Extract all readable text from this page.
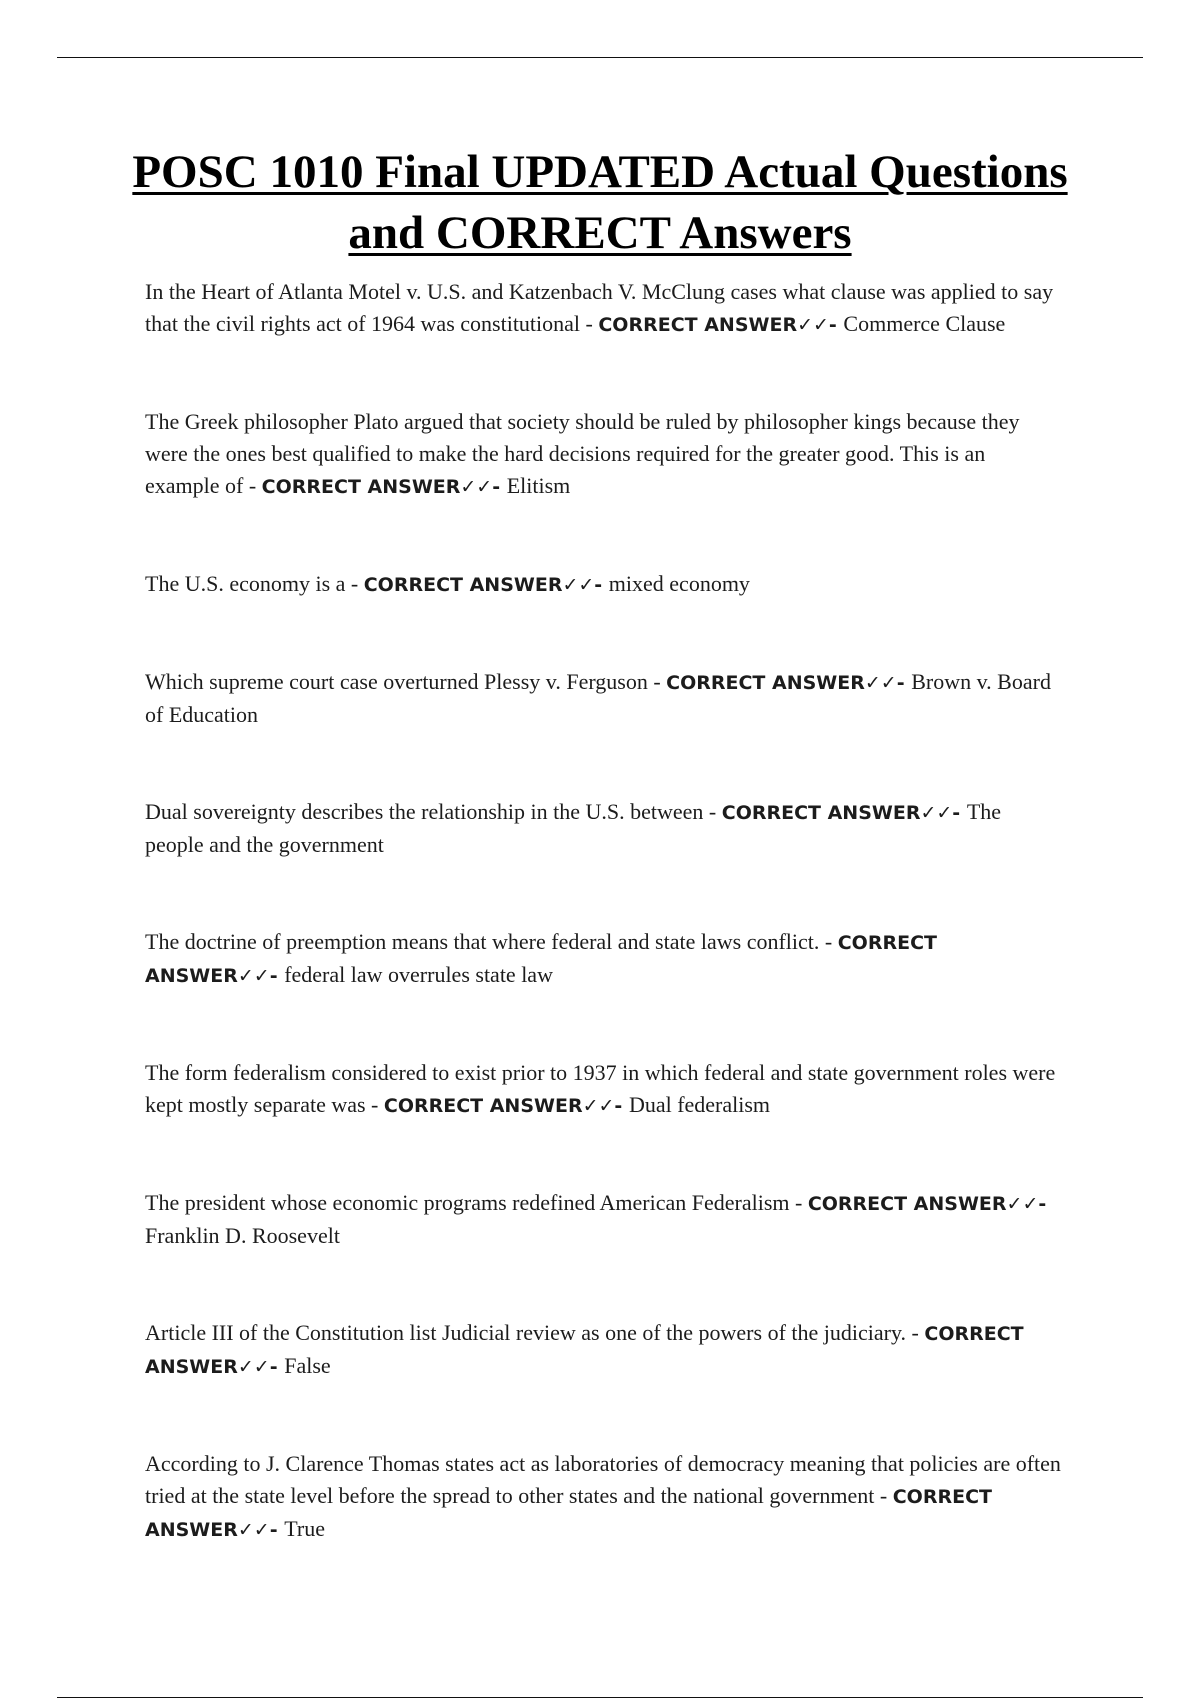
POSC 1010 Final UPDATED Actual Questions and CORRECT Answers

In the Heart of Atlanta Motel v. U.S. and Katzenbach V. McClung cases what clause was applied to say that the civil rights act of 1964 was constitutional - CORRECT ANSWER✓✓- Commerce Clause

The Greek philosopher Plato argued that society should be ruled by philosopher kings because they were the ones best qualified to make the hard decisions required for the greater good. This is an example of - CORRECT ANSWER✓✓- Elitism

The U.S. economy is a - CORRECT ANSWER✓✓- mixed economy

Which supreme court case overturned Plessy v. Ferguson - CORRECT ANSWER✓✓- Brown v. Board of Education

Dual sovereignty describes the relationship in the U.S. between - CORRECT ANSWER✓✓- The people and the government

The doctrine of preemption means that where federal and state laws conflict. - CORRECT ANSWER✓✓- federal law overrules state law

The form federalism considered to exist prior to 1937 in which federal and state government roles were kept mostly separate was - CORRECT ANSWER✓✓- Dual federalism

The president whose economic programs redefined American Federalism - CORRECT ANSWER✓✓- Franklin D. Roosevelt

Article III of the Constitution list Judicial review as one of the powers of the judiciary. - CORRECT ANSWER✓✓- False

According to J. Clarence Thomas states act as laboratories of democracy meaning that policies are often tried at the state level before the spread to other states and the national government - CORRECT ANSWER✓✓- True
